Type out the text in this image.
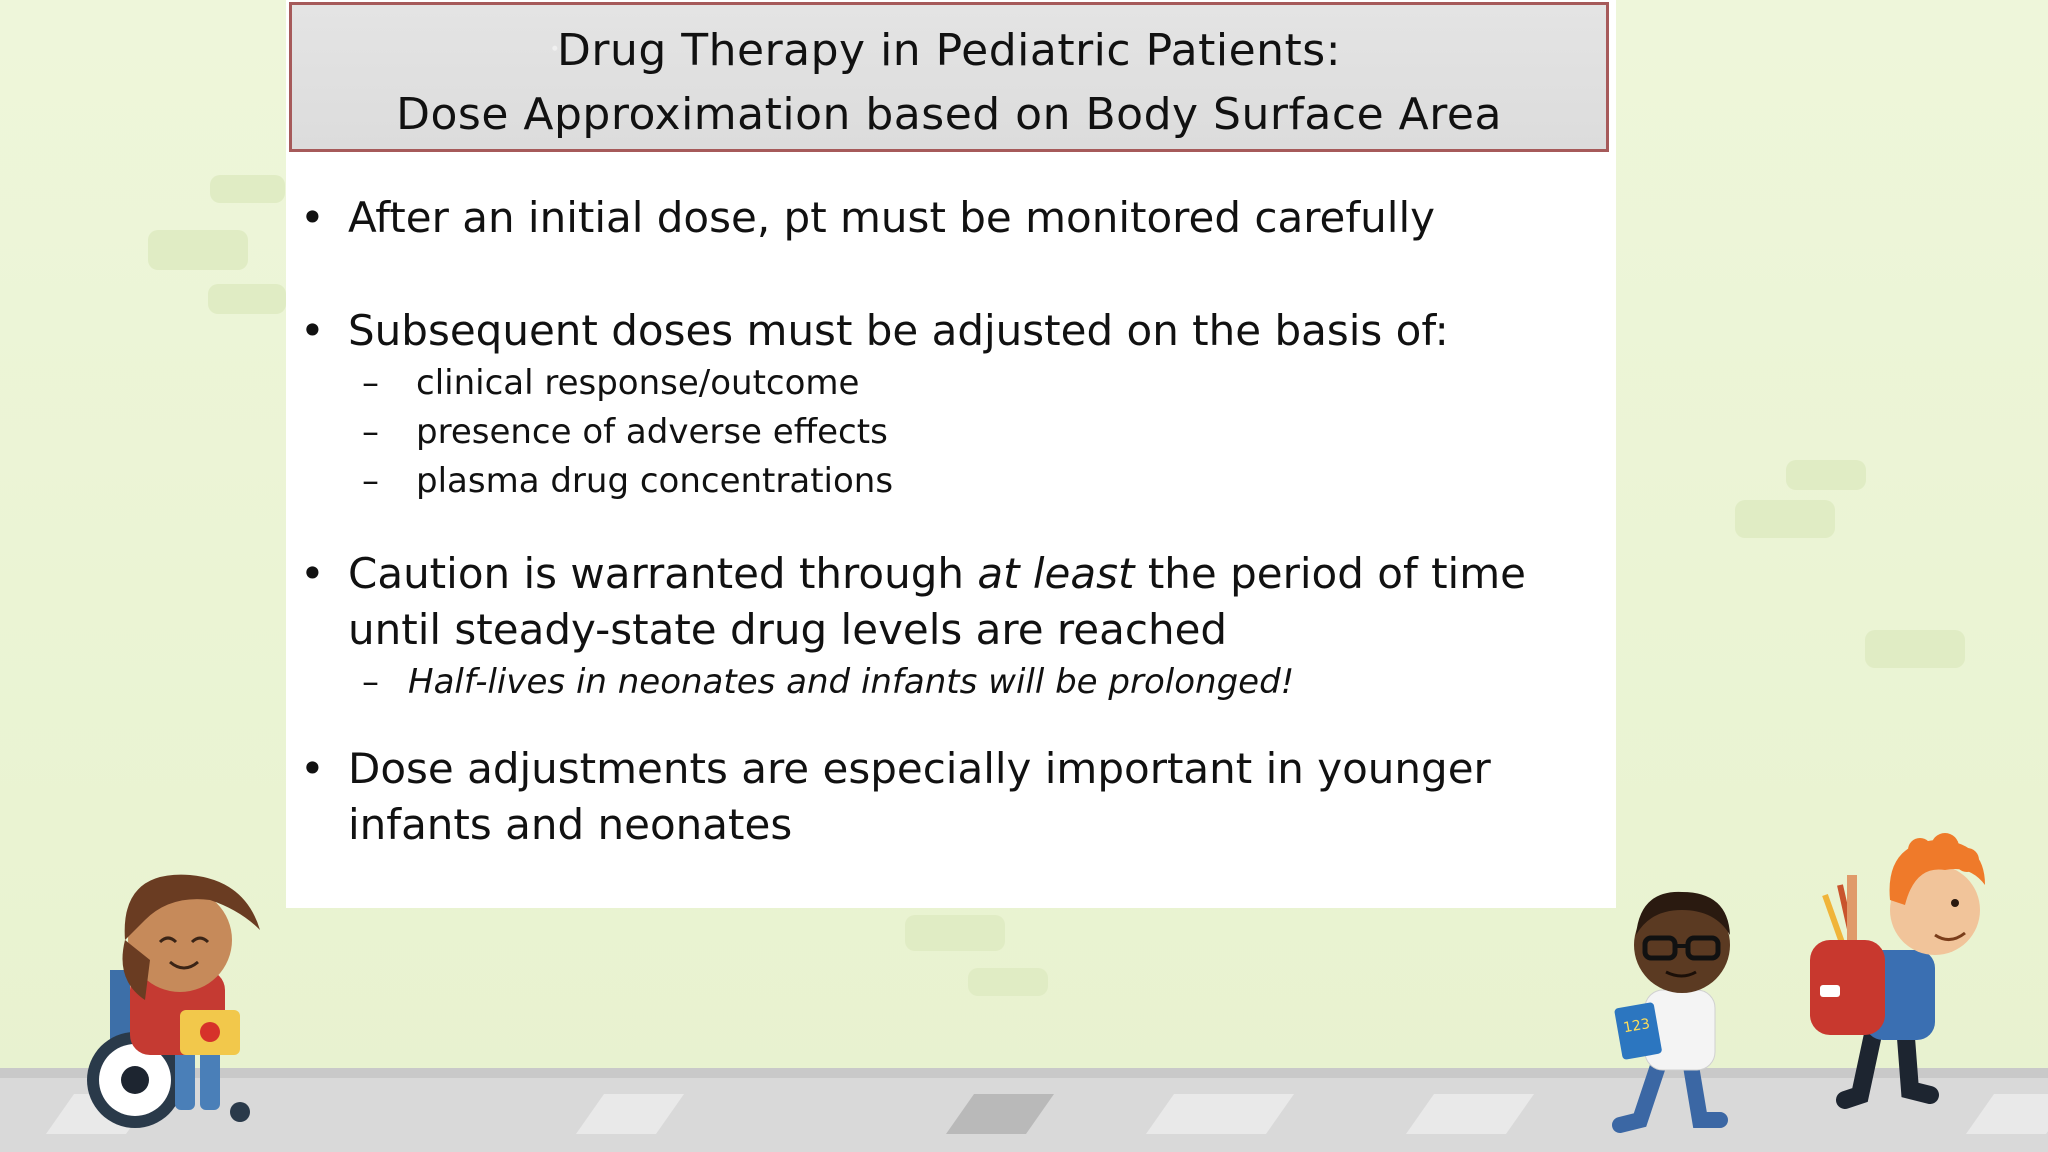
Drug Therapy in Pediatric Patients:
Dose Approximation based on Body Surface Area
• After an initial dose, pt must be monitored carefully
• Subsequent doses must be adjusted on the basis of:
– clinical response/outcome
– presence of adverse effects
– plasma drug concentrations
• Caution is warranted through at least the period of time
until steady-state drug levels are reached
– Half-lives in neonates and infants will be prolonged!
• Dose adjustments are especially important in younger
infants and neonates
123
